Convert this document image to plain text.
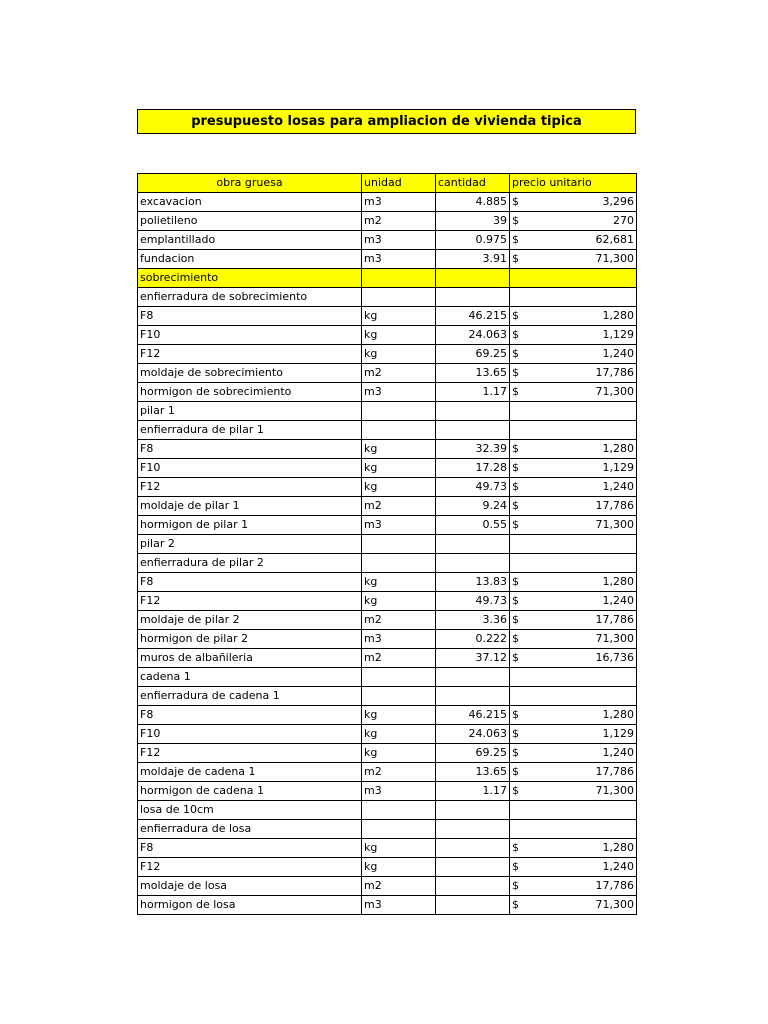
presupuesto losas para ampliacion de vivienda tipica
obra gruesa	unidad	cantidad	precio unitario
excavacion	m3	4.885	$ 3,296

polietileno	m2	39	$ 270

emplantillado	m3	0.975	$ 62,681

fundacion	m3	3.91	$ 71,300

sobrecimiento			
enfierradura de sobrecimiento			
F8	kg	46.215	$ 1,280

F10	kg	24.063	$ 1,129

F12	kg	69.25	$ 1,240

moldaje de sobrecimiento	m2	13.65	$ 17,786

hormigon de sobrecimiento	m3	1.17	$ 71,300

pilar 1			
enfierradura de pilar 1			
F8	kg	32.39	$ 1,280

F10	kg	17.28	$ 1,129

F12	kg	49.73	$ 1,240

moldaje de pilar 1	m2	9.24	$ 17,786

hormigon de pilar 1	m3	0.55	$ 71,300

pilar 2			
enfierradura de pilar 2			
F8	kg	13.83	$ 1,280

F12	kg	49.73	$ 1,240

moldaje de pilar 2	m2	3.36	$ 17,786

hormigon de pilar 2	m3	0.222	$ 71,300

muros de albañileria	m2	37.12	$ 16,736

cadena 1			
enfierradura de cadena 1			
F8	kg	46.215	$ 1,280

F10	kg	24.063	$ 1,129

F12	kg	69.25	$ 1,240

moldaje de cadena 1	m2	13.65	$ 17,786

hormigon de cadena 1	m3	1.17	$ 71,300

losa de 10cm			
enfierradura de losa			
F8	kg		$ 1,280

F12	kg		$ 1,240

moldaje de losa	m2		$ 17,786

hormigon de losa	m3		$ 71,300
